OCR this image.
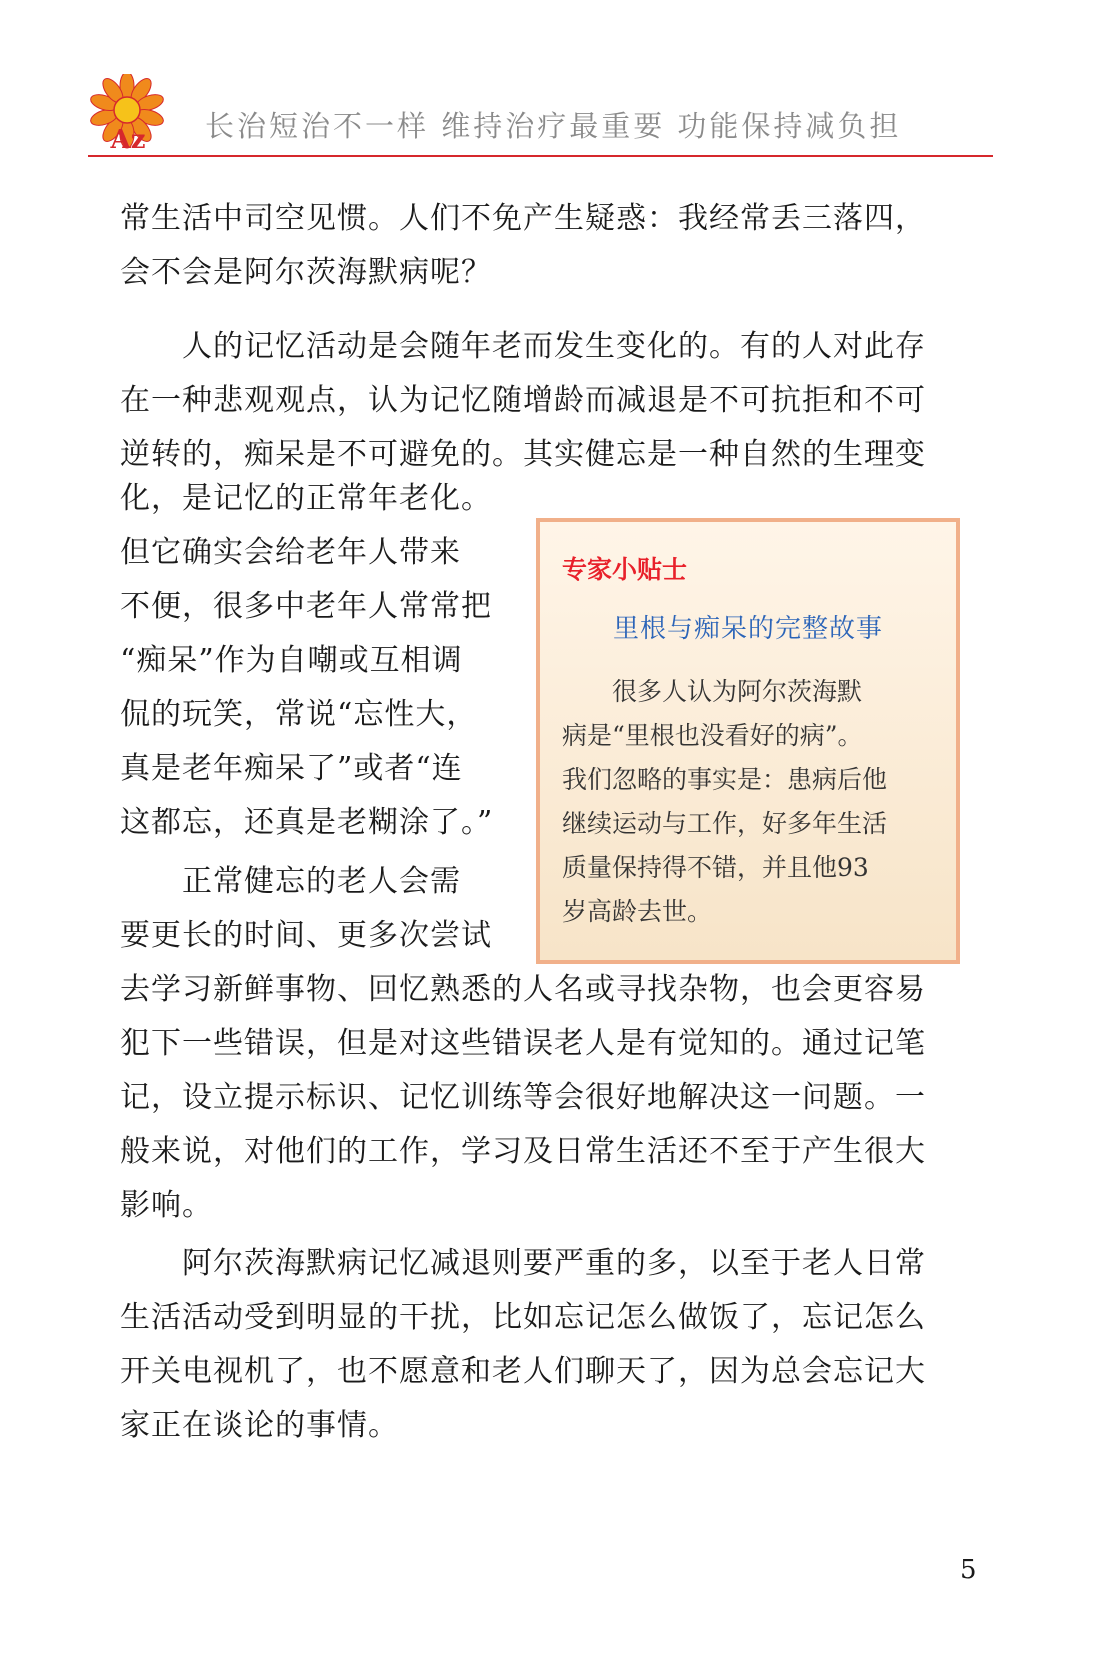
Az 长治短治不一样 维持治疗最重要 功能保持减负担

常生活中司空见惯。人们不免产生疑惑：我经常丢三落四，
会不会是阿尔茨海默病呢？

　　人的记忆活动是会随年老而发生变化的。有的人对此存
在一种悲观观点，认为记忆随增龄而减退是不可抗拒和不可
逆转的，痴呆是不可避免的。其实健忘是一种自然的生理变

化，是记忆的正常年老化。
但它确实会给老年人带来
不便，很多中老年人常常把
“痴呆”作为自嘲或互相调
侃的玩笑，常说“忘性大，
真是老年痴呆了”或者“连
这都忘，还真是老糊涂了。”

　　正常健忘的老人会需
要更长的时间、更多次尝试

去学习新鲜事物、回忆熟悉的人名或寻找杂物，也会更容易
犯下一些错误，但是对这些错误老人是有觉知的。通过记笔
记，设立提示标识、记忆训练等会很好地解决这一问题。一
般来说，对他们的工作，学习及日常生活还不至于产生很大
影响。

　　阿尔茨海默病记忆减退则要严重的多，以至于老人日常
生活活动受到明显的干扰，比如忘记怎么做饭了，忘记怎么
开关电视机了，也不愿意和老人们聊天了，因为总会忘记大
家正在谈论的事情。

专家小贴士
里根与痴呆的完整故事

　　很多人认为阿尔茨海默
病是“里根也没看好的病”。
我们忽略的事实是：患病后他
继续运动与工作，好多年生活
质量保持得不错，并且他93
岁高龄去世。

5
